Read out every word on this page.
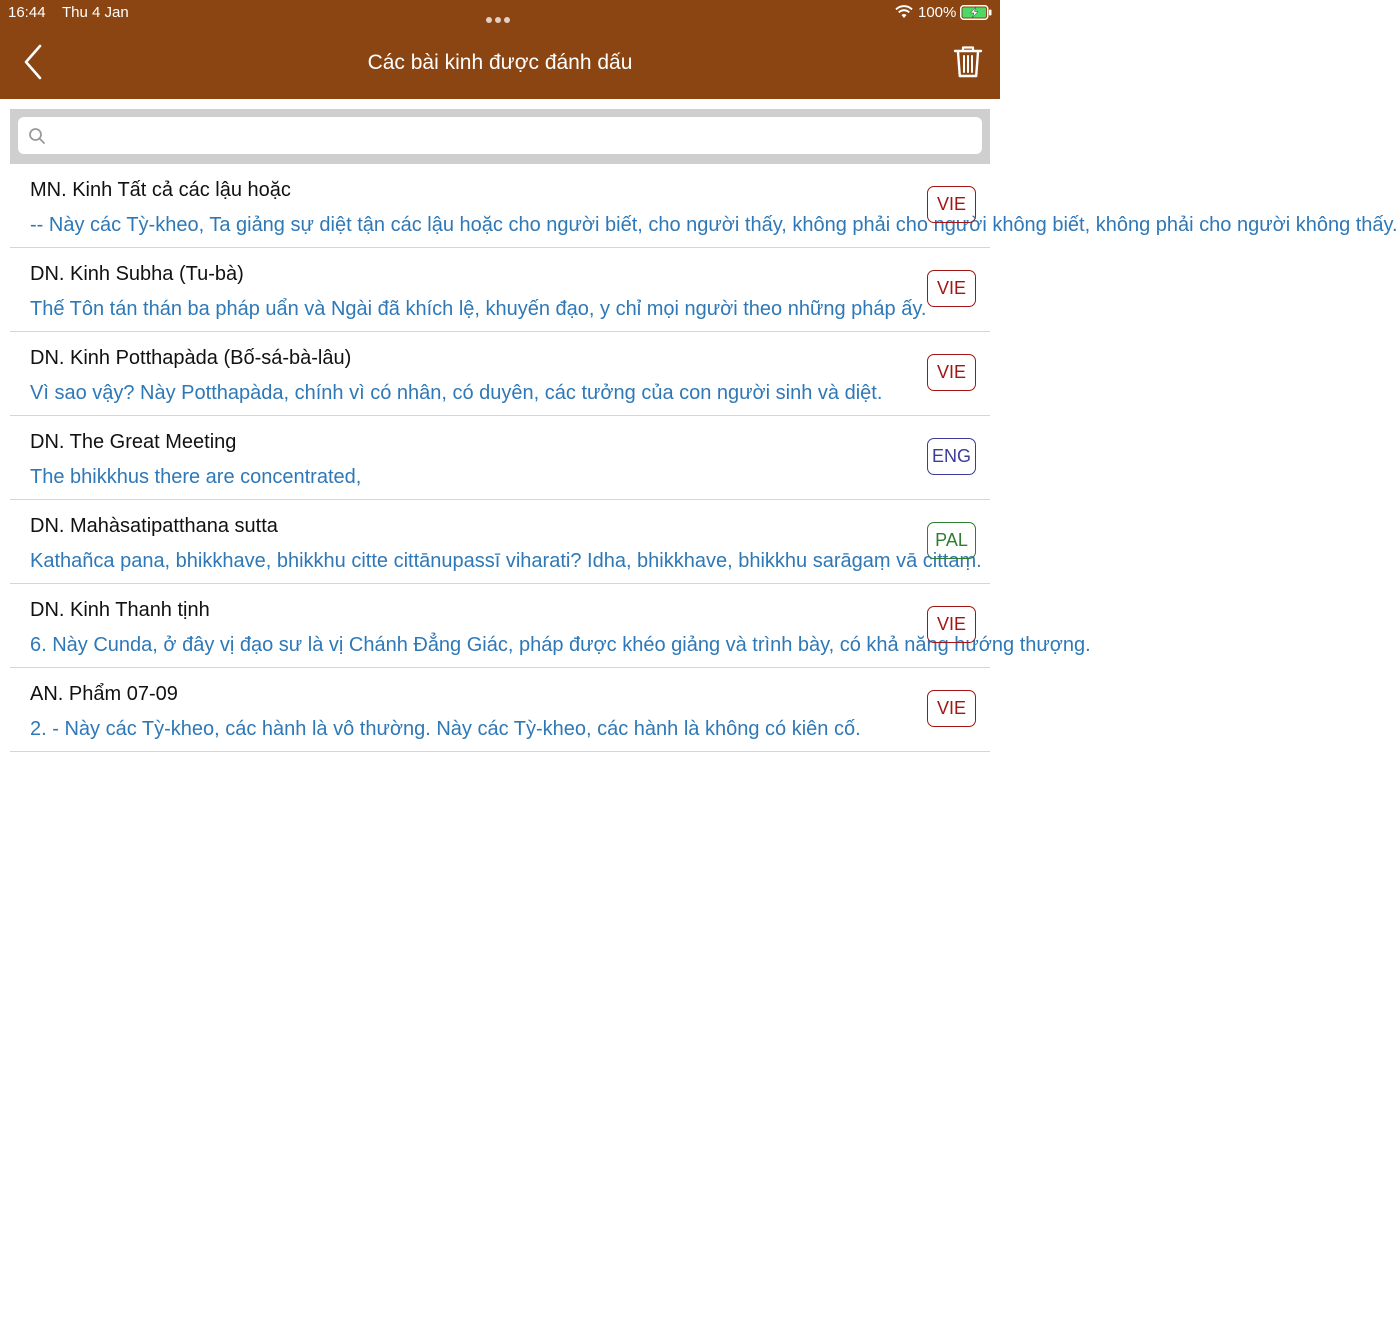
16:44 Thu 4 Jan	100%
Các bài kinh được đánh dấu
MN. Kinh Tất cả các lậu hoặc
-- Này các Tỳ-kheo, Ta giảng sự diệt tận các lậu hoặc cho người biết, cho người thấy, không phải cho người không biết, không phải cho người không thấy.
VIE
DN. Kinh Subha (Tu-bà)
Thế Tôn tán thán ba pháp uẩn và Ngài đã khích lệ, khuyến đạo, y chỉ mọi người theo những pháp ấy.
VIE
DN. Kinh Potthapàda (Bố-sá-bà-lâu)
Vì sao vậy? Này Potthapàda, chính vì có nhân, có duyên, các tưởng của con người sinh và diệt.
VIE
DN. The Great Meeting
The bhikkhus there are concentrated,
ENG
DN. Mahàsatipatthana sutta
Kathañca pana, bhikkhave, bhikkhu citte cittānupassī viharati? Idha, bhikkhave, bhikkhu sarāgaṃ vā cittaṃ.
PAL
DN. Kinh Thanh tịnh
6. Này Cunda, ở đây vị đạo sư là vị Chánh Đẳng Giác, pháp được khéo giảng và trình bày, có khả năng hướng thượng.
VIE
AN. Phẩm 07-09
2. - Này các Tỳ-kheo, các hành là vô thường. Này các Tỳ-kheo, các hành là không có kiên cố.
VIE
